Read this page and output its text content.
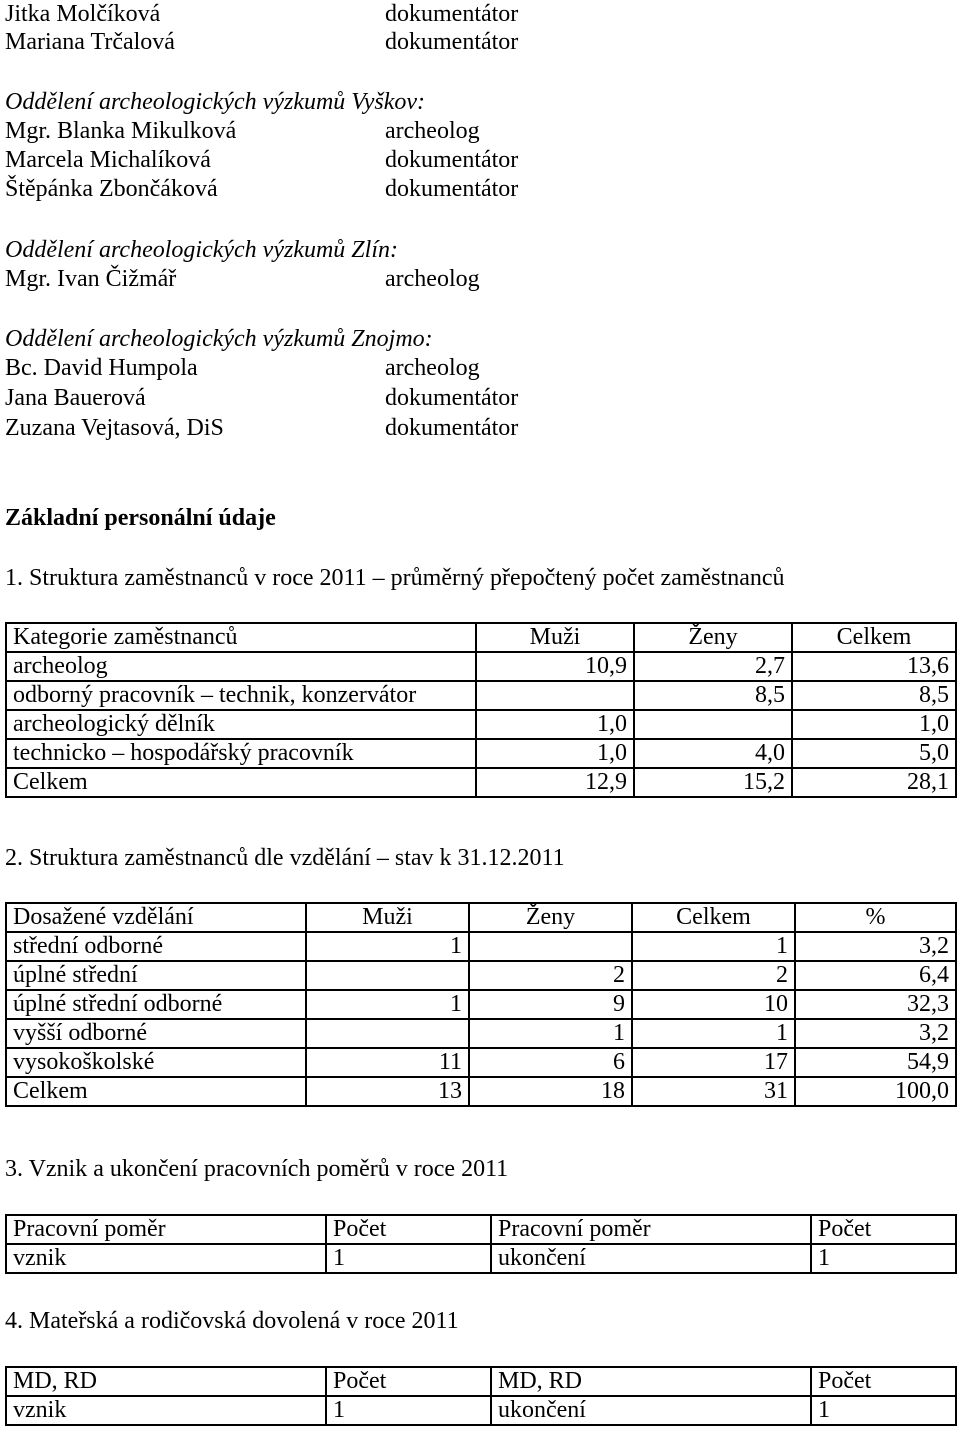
Jitka Molčíková	dokumentátor
Mariana Trčalová	dokumentátor
Oddělení archeologických výzkumů Vyškov:
Mgr. Blanka Mikulková	archeolog
Marcela Michalíková	dokumentátor
Štěpánka Zbončáková	dokumentátor
Oddělení archeologických výzkumů Zlín:
Mgr. Ivan Čižmář	archeolog
Oddělení archeologických výzkumů Znojmo:
Bc. David Humpola	archeolog
Jana Bauerová	dokumentátor
Zuzana Vejtasová, DiS	dokumentátor
Základní personální údaje
1. Struktura zaměstnanců v roce 2011 – průměrný přepočtený počet zaměstnanců
Kategorie zaměstnanců	Muži	Ženy	Celkem
archeolog	10,9	2,7	13,6
odborný pracovník – technik, konzervátor		8,5	8,5
archeologický dělník	1,0		1,0
technicko – hospodářský pracovník	1,0	4,0	5,0
Celkem	12,9	15,2	28,1
2. Struktura zaměstnanců dle vzdělání – stav k 31.12.2011
Dosažené vzdělání	Muži	Ženy	Celkem	%
střední odborné	1		1	3,2
úplné střední		2	2	6,4
úplné střední odborné	1	9	10	32,3
vyšší odborné		1	1	3,2
vysokoškolské	11	6	17	54,9
Celkem	13	18	31	100,0
3. Vznik a ukončení pracovních poměrů v roce 2011
Pracovní poměr	Počet	Pracovní poměr	Počet
vznik	1	ukončení	1
4. Mateřská a rodičovská dovolená v roce 2011
MD, RD	Počet	MD, RD	Počet
vznik	1	ukončení	1
